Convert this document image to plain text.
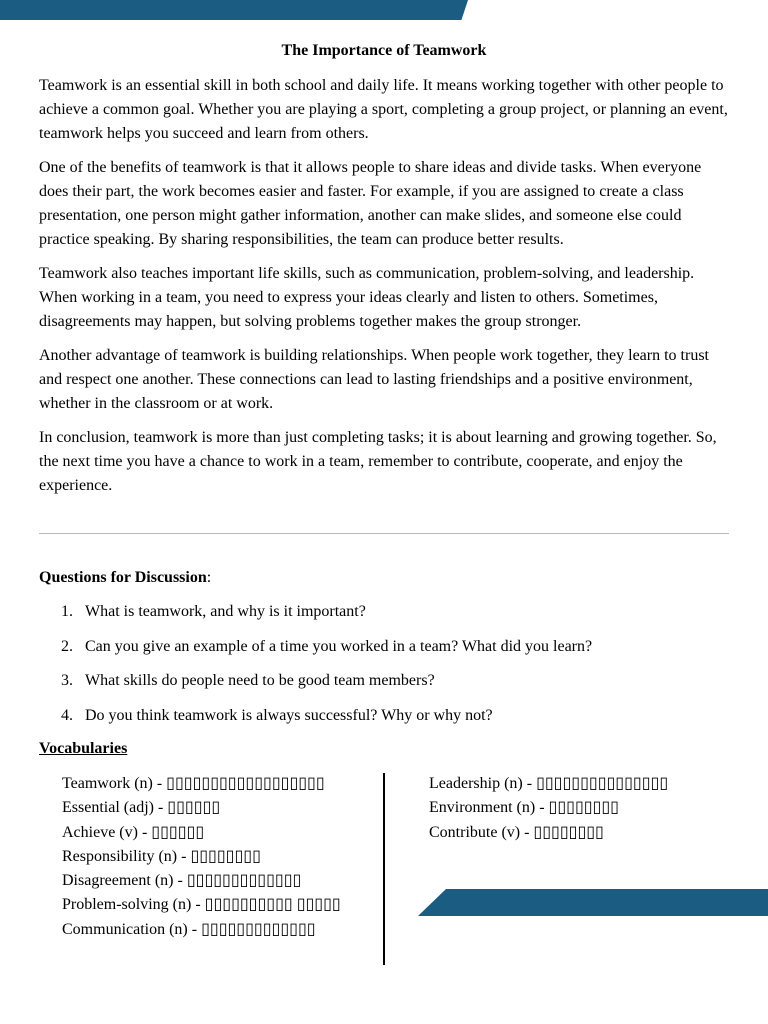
The Importance of Teamwork

Teamwork is an essential skill in both school and daily life. It means working together with other people to achieve a common goal. Whether you are playing a sport, completing a group project, or planning an event, teamwork helps you succeed and learn from others.

One of the benefits of teamwork is that it allows people to share ideas and divide tasks. When everyone does their part, the work becomes easier and faster. For example, if you are assigned to create a class presentation, one person might gather information, another can make slides, and someone else could practice speaking. By sharing responsibilities, the team can produce better results.

Teamwork also teaches important life skills, such as communication, problem-solving, and leadership. When working in a team, you need to express your ideas clearly and listen to others. Sometimes, disagreements may happen, but solving problems together makes the group stronger.

Another advantage of teamwork is building relationships. When people work together, they learn to trust and respect one another. These connections can lead to lasting friendships and a positive environment, whether in the classroom or at work.

In conclusion, teamwork is more than just completing tasks; it is about learning and growing together. So, the next time you have a chance to work in a team, remember to contribute, cooperate, and enjoy the experience.

Questions for Discussion:

1. What is teamwork, and why is it important?
2. Can you give an example of a time you worked in a team? What did you learn?
3. What skills do people need to be good team members?
4. Do you think teamwork is always successful? Why or why not?

Vocabularies

Teamwork (n) - ▯▯▯▯▯▯▯▯▯▯▯▯▯▯▯▯▯▯
Essential (adj) - ▯▯▯▯▯▯
Achieve (v) - ▯▯▯▯▯▯
Responsibility (n) - ▯▯▯▯▯▯▯▯
Disagreement (n) - ▯▯▯▯▯▯▯▯▯▯▯▯▯
Problem-solving (n) - ▯▯▯▯▯▯▯▯▯▯ ▯▯▯▯▯
Communication (n) - ▯▯▯▯▯▯▯▯▯▯▯▯▯
Leadership (n) - ▯▯▯▯▯▯▯▯▯▯▯▯▯▯▯
Environment (n) - ▯▯▯▯▯▯▯▯
Contribute (v) - ▯▯▯▯▯▯▯▯
